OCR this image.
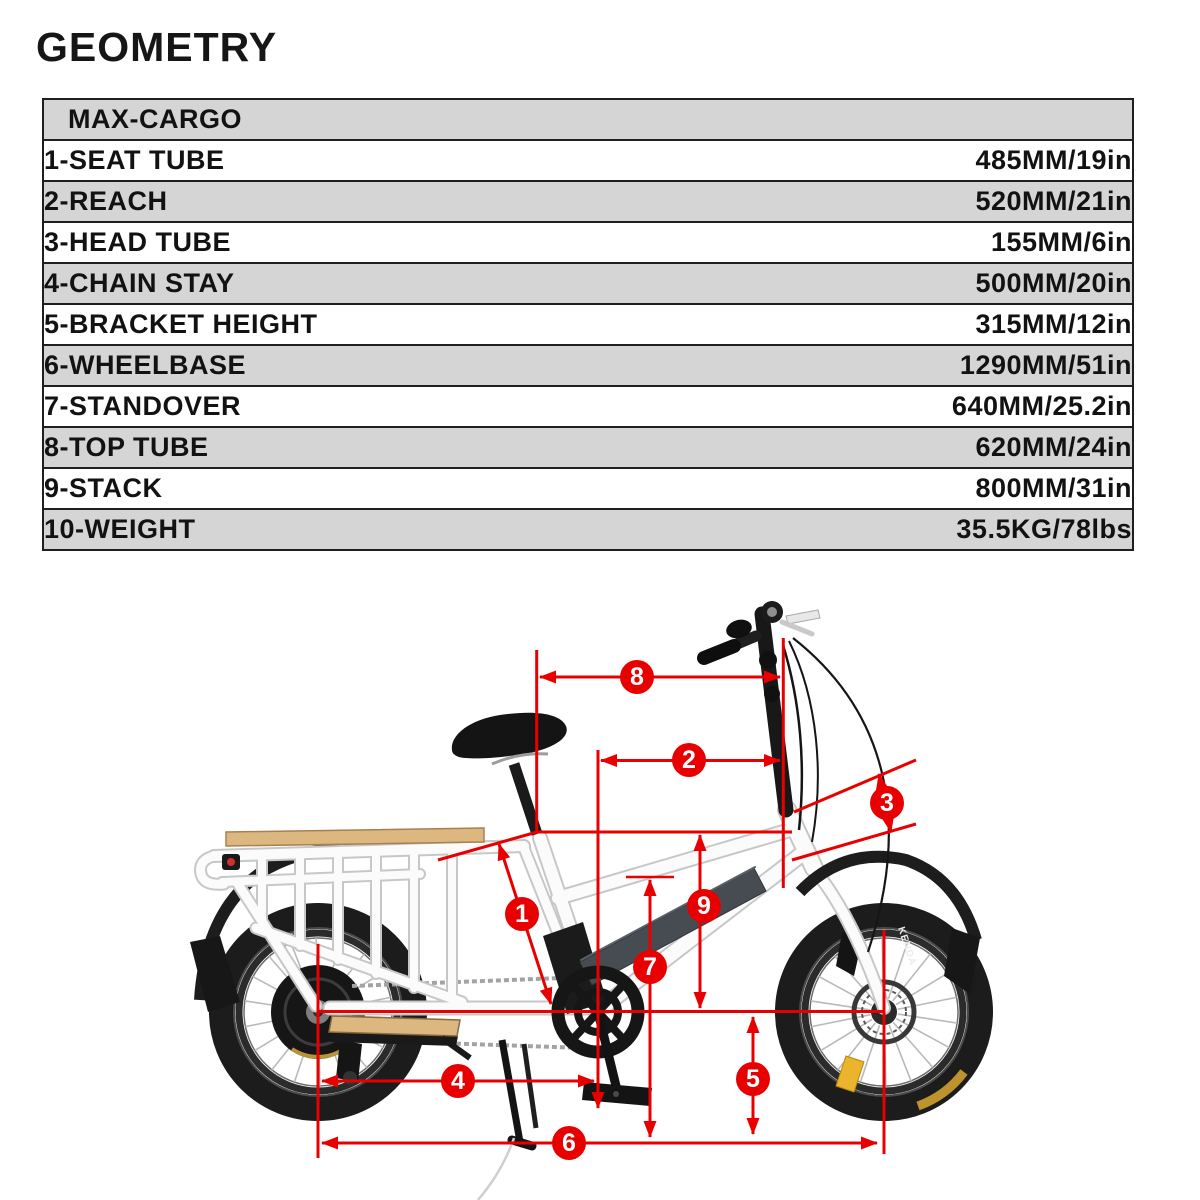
GEOMETRY
MAX-CARGO	
1-SEAT TUBE	485MM/19in
2-REACH	520MM/21in
3-HEAD TUBE	155MM/6in
4-CHAIN STAY	500MM/20in
5-BRACKET HEIGHT	315MM/12in
6-WHEELBASE	1290MM/51in
7-STANDOVER	640MM/25.2in
8-TOP TUBE	620MM/24in
9-STACK	800MM/31in
10-WEIGHT	35.5KG/78lbs
KENDA
1
2
3
4	5
6
7
8
9
